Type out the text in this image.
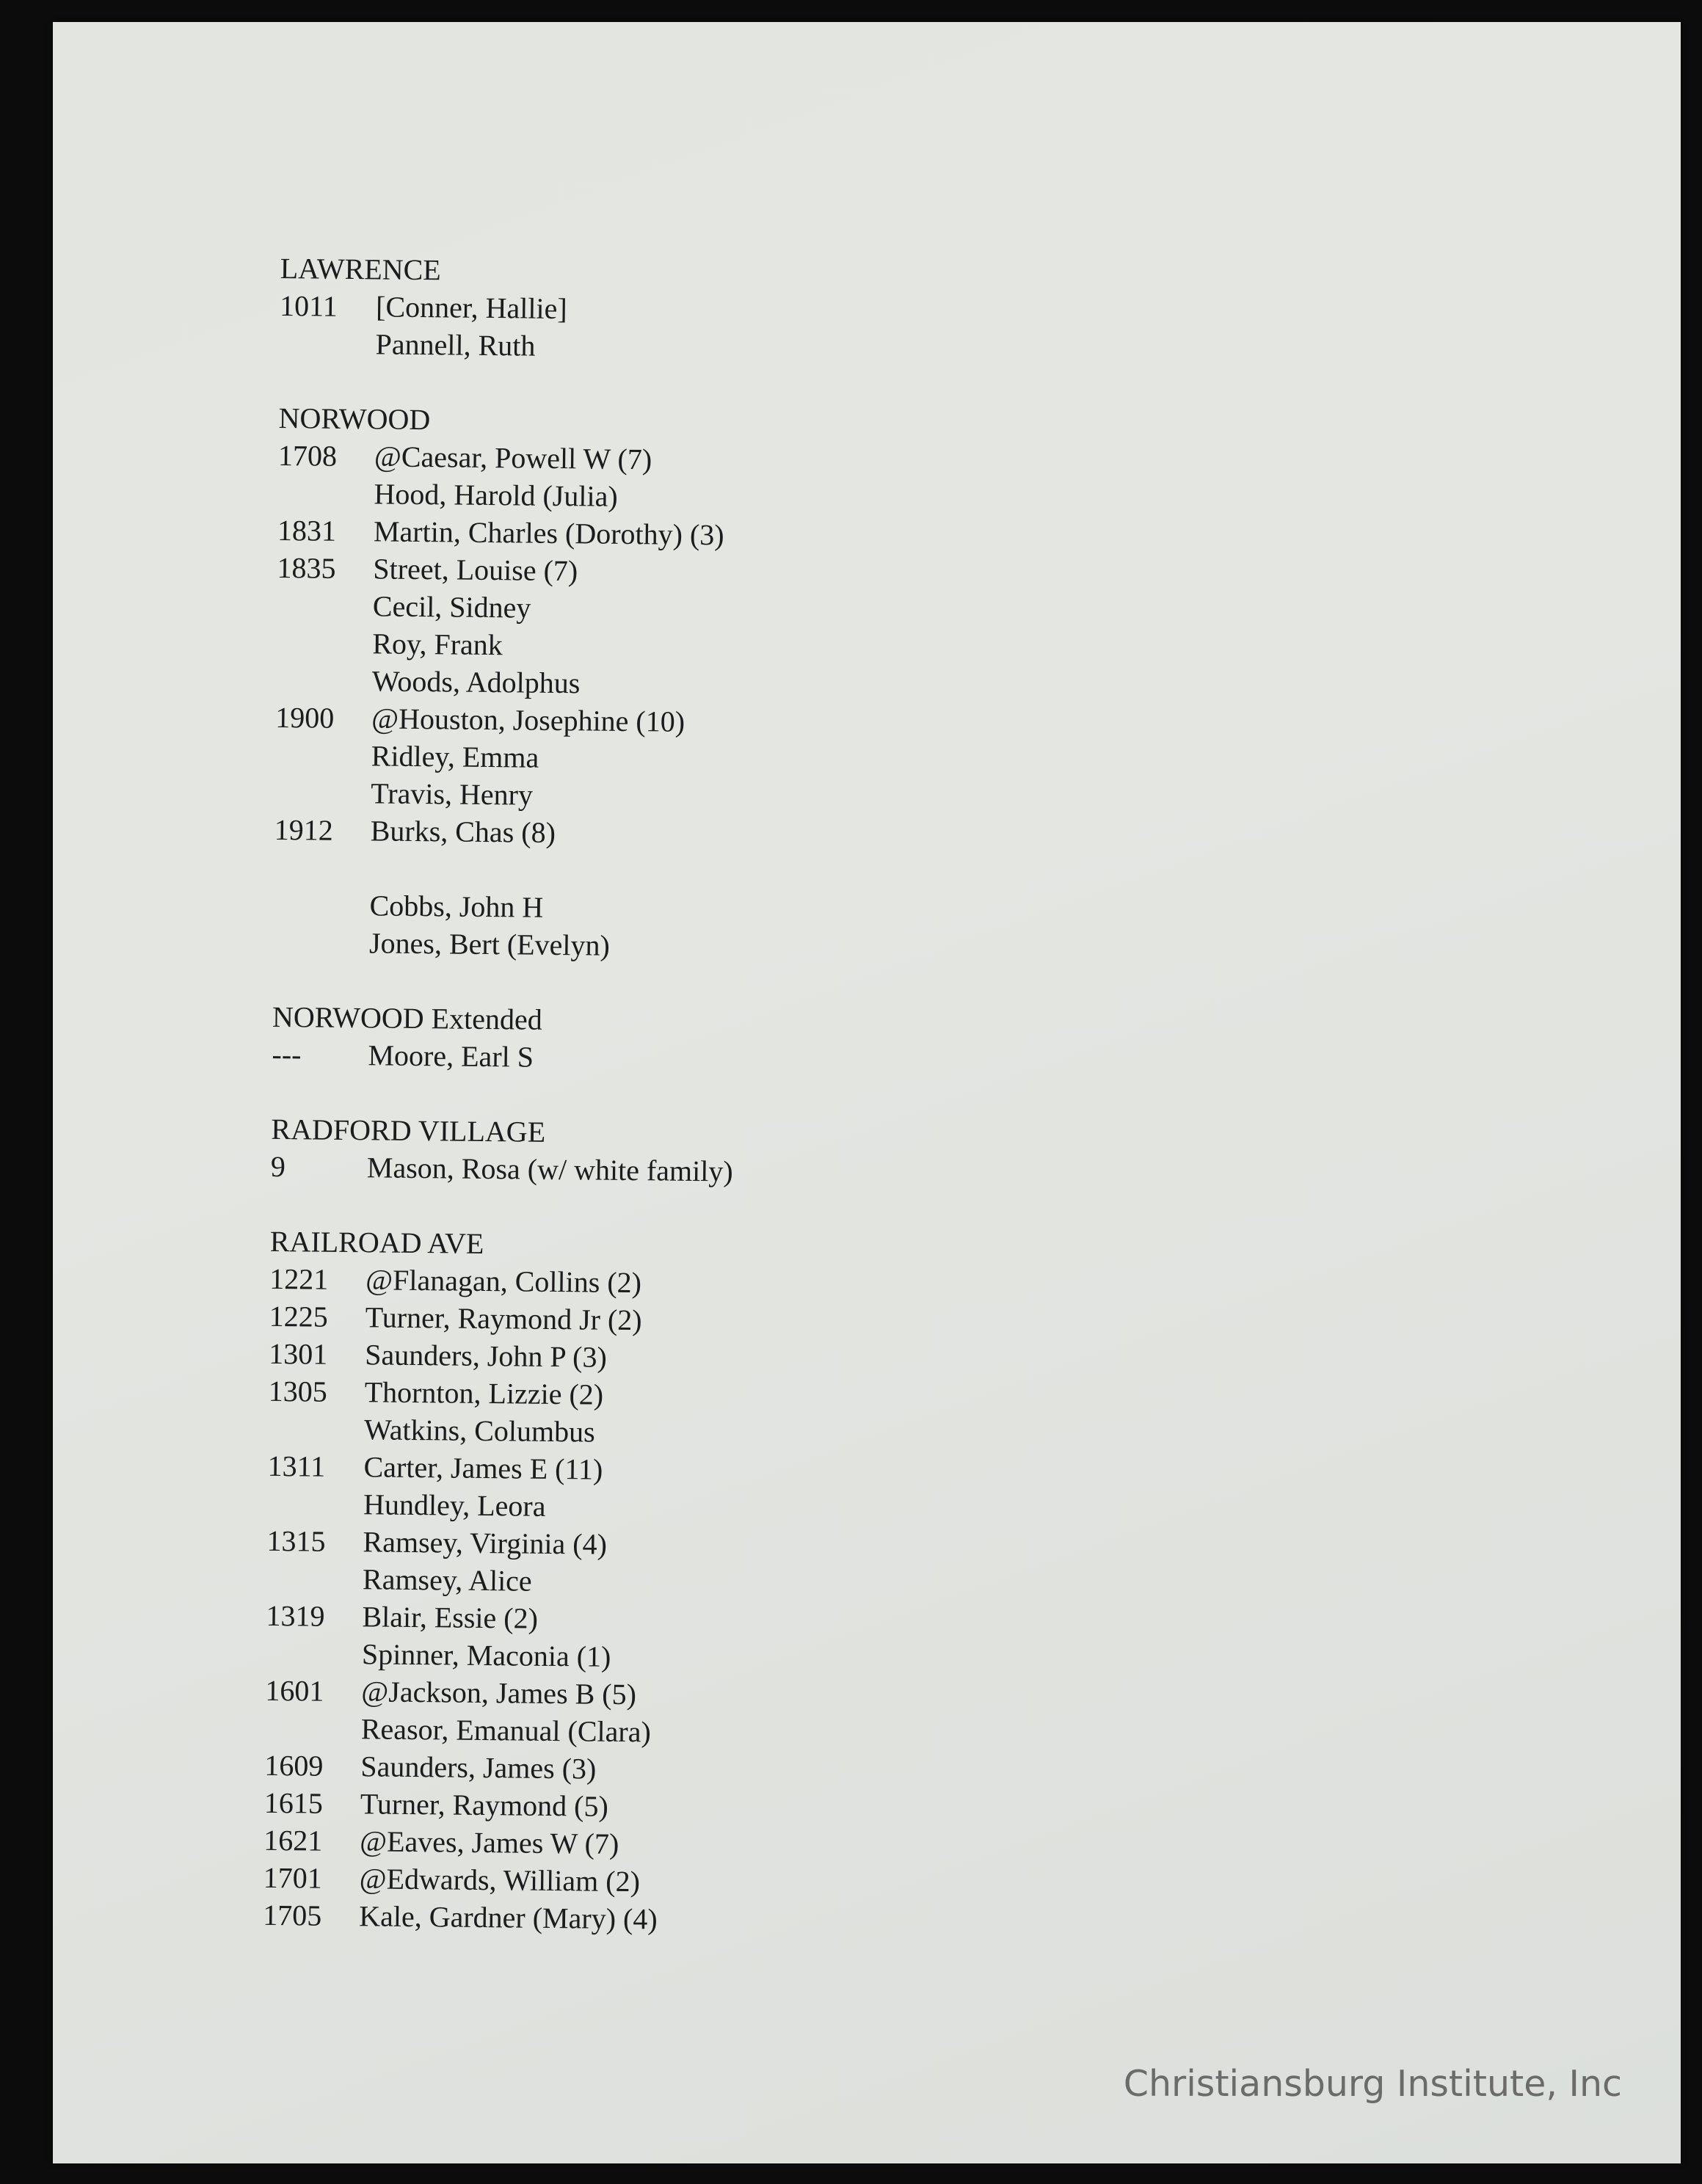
LAWRENCE
1011	[Conner, Hallie]
Pannell, Ruth
NORWOOD
1708	@Caesar, Powell W (7)
Hood, Harold (Julia)
1831	Martin, Charles (Dorothy) (3)
1835	Street, Louise (7)
Cecil, Sidney
Roy, Frank
Woods, Adolphus
1900	@Houston, Josephine (10)
Ridley, Emma
Travis, Henry
1912	Burks, Chas (8)
Cobbs, John H
Jones, Bert (Evelyn)
NORWOOD Extended
---	Moore, Earl S
RADFORD VILLAGE
9	Mason, Rosa (w/ white family)
RAILROAD AVE
1221	@Flanagan, Collins (2)
1225	Turner, Raymond Jr (2)
1301	Saunders, John P (3)
1305	Thornton, Lizzie (2)
Watkins, Columbus
1311	Carter, James E (11)
Hundley, Leora
1315	Ramsey, Virginia (4)
Ramsey, Alice
1319	Blair, Essie (2)
Spinner, Maconia (1)
1601	@Jackson, James B (5)
Reasor, Emanual (Clara)
1609	Saunders, James (3)
1615	Turner, Raymond (5)
1621	@Eaves, James W (7)
1701	@Edwards, William (2)
1705	Kale, Gardner (Mary) (4)
Christiansburg Institute, Inc
